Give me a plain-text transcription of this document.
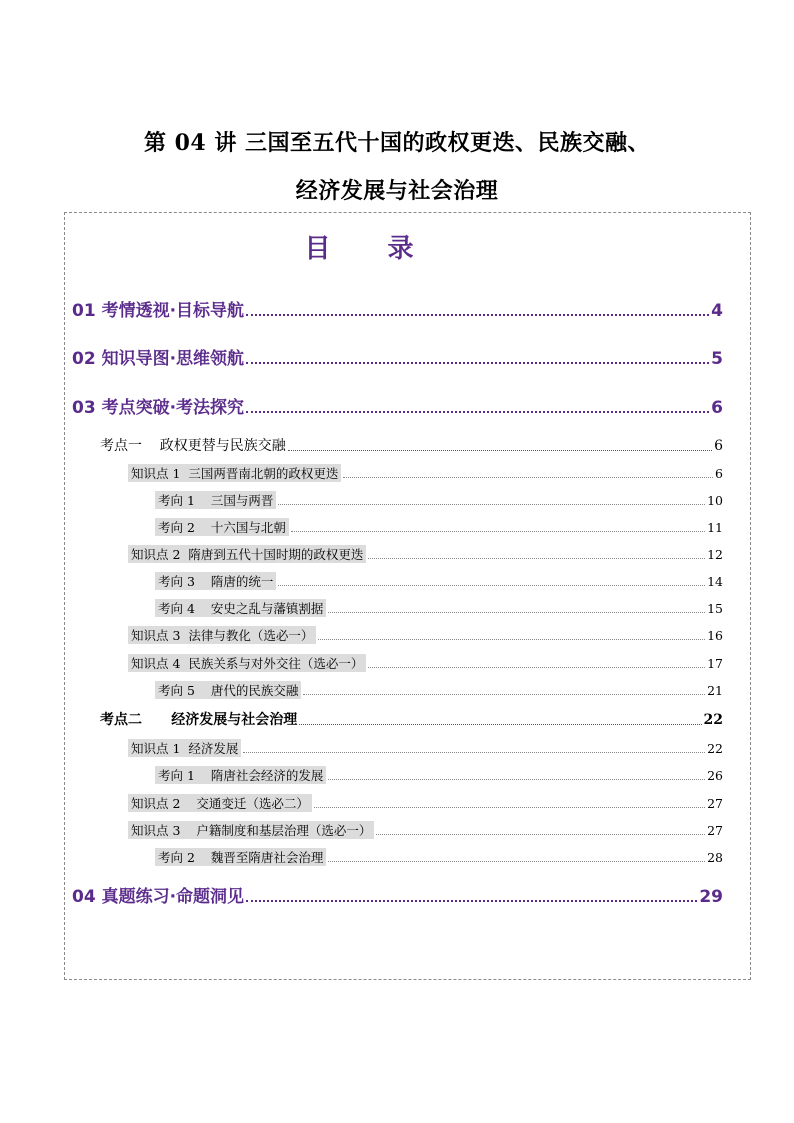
第 04 讲 三国至五代十国的政权更迭、民族交融、
经济发展与社会治理
目 录
01 考情透视·目标导航	4
02 知识导图·思维领航	5
03 考点突破·考法探究	6
考点一    政权更替与民族交融	6
知识点 1  三国两晋南北朝的政权更迭	6
考向 1    三国与两晋	10
考向 2    十六国与北朝	11
知识点 2  隋唐到五代十国时期的政权更迭	12
考向 3    隋唐的统一	14
考向 4    安史之乱与藩镇割据	15
知识点 3  法律与教化（选必一）	16
知识点 4  民族关系与对外交往（选必一）	17
考向 5    唐代的民族交融	21
考点二      经济发展与社会治理	22
知识点 1  经济发展	22
考向 1    隋唐社会经济的发展	26
知识点 2    交通变迁（选必二）	27
知识点 3    户籍制度和基层治理（选必一）	27
考向 2    魏晋至隋唐社会治理	28
04 真题练习·命题洞见	29
